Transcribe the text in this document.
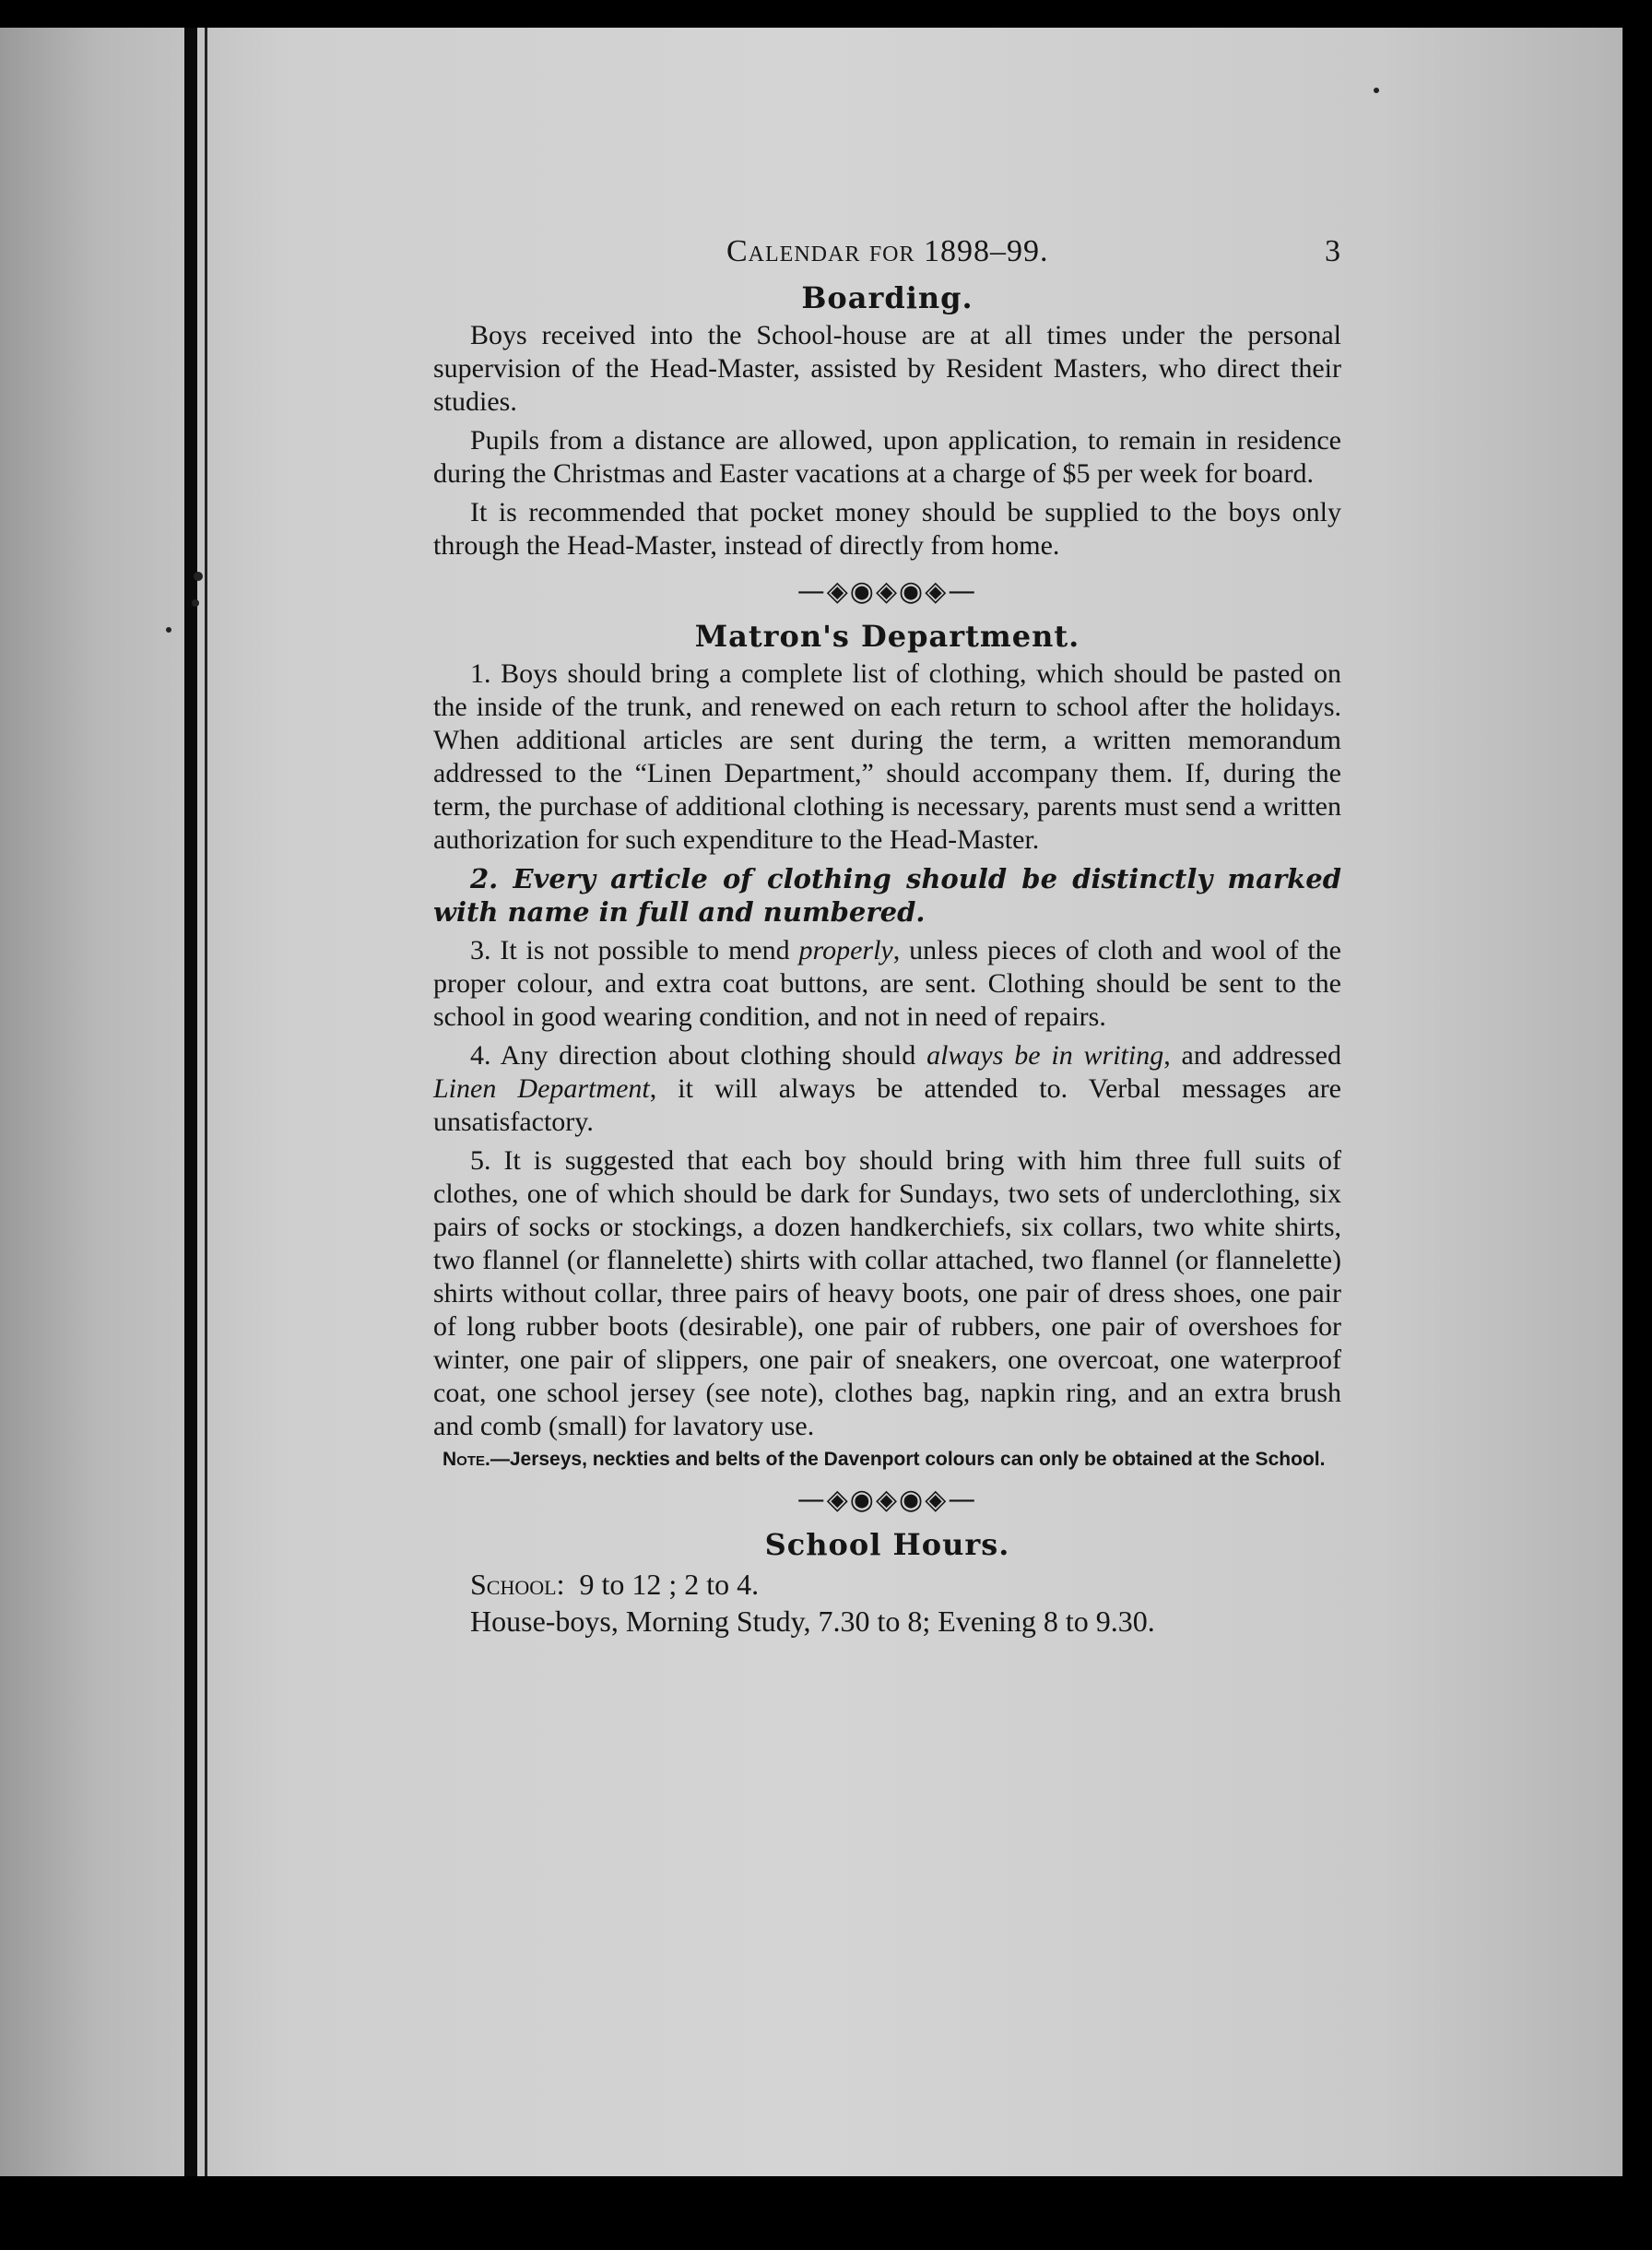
Calendar for 1898–99.	3
Boarding.

Boys received into the School-house are at all times under the personal supervision of the Head-Master, assisted by Resident Masters, who direct their studies.

Pupils from a distance are allowed, upon application, to remain in residence during the Christmas and Easter vacations at a charge of $5 per week for board.

It is recommended that pocket money should be supplied to the boys only through the Head-Master, instead of directly from home.

—◈◉◈◉◈—
Matron's Department.

1. Boys should bring a complete list of clothing, which should be pasted on the inside of the trunk, and renewed on each return to school after the holidays. When additional articles are sent during the term, a written memorandum addressed to the “Linen Department,” should accompany them. If, during the term, the purchase of additional clothing is necessary, parents must send a written authorization for such expenditure to the Head-Master.

2. Every article of clothing should be distinctly marked with name in full and numbered.

3. It is not possible to mend properly, unless pieces of cloth and wool of the proper colour, and extra coat buttons, are sent. Clothing should be sent to the school in good wearing condition, and not in need of repairs.

4. Any direction about clothing should always be in writing, and addressed Linen Department, it will always be attended to. Verbal messages are unsatisfactory.

5. It is suggested that each boy should bring with him three full suits of clothes, one of which should be dark for Sundays, two sets of underclothing, six pairs of socks or stockings, a dozen handkerchiefs, six collars, two white shirts, two flannel (or flannelette) shirts with collar attached, two flannel (or flannelette) shirts without collar, three pairs of heavy boots, one pair of dress shoes, one pair of long rubber boots (desirable), one pair of rubbers, one pair of overshoes for winter, one pair of slippers, one pair of sneakers, one overcoat, one waterproof coat, one school jersey (see note), clothes bag, napkin ring, and an extra brush and comb (small) for lavatory use.

Note.—Jerseys, neckties and belts of the Davenport colours can only be obtained at the School.

—◈◉◈◉◈—
School Hours.
School: 9 to 12 ; 2 to 4.
House-boys, Morning Study, 7.30 to 8; Evening 8 to 9.30.
